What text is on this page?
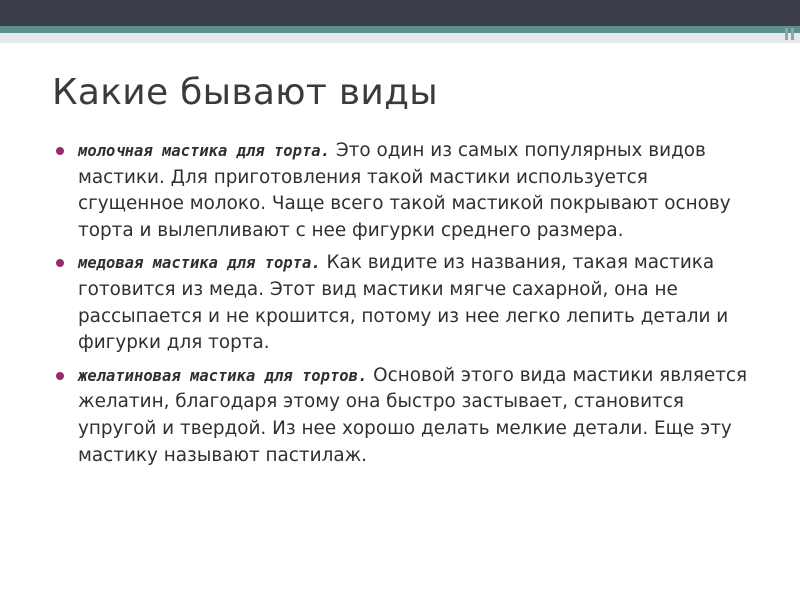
Какие бывают виды
молочная мастика для торта. Это один из самых популярных видов мастики. Для приготовления такой мастики используется сгущенное молоко. Чаще всего такой мастикой покрывают основу торта и вылепливают с нее фигурки среднего размера.
медовая мастика для торта. Как видите из названия, такая мастика готовится из меда. Этот вид мастики мягче сахарной, она не рассыпается и не крошится, потому из нее легко лепить детали и фигурки для торта.
желатиновая мастика для тортов. Основой этого вида мастики является желатин, благодаря этому она быстро застывает, становится упругой и твердой. Из нее хорошо делать мелкие детали. Еще эту мастику называют пастилаж.
